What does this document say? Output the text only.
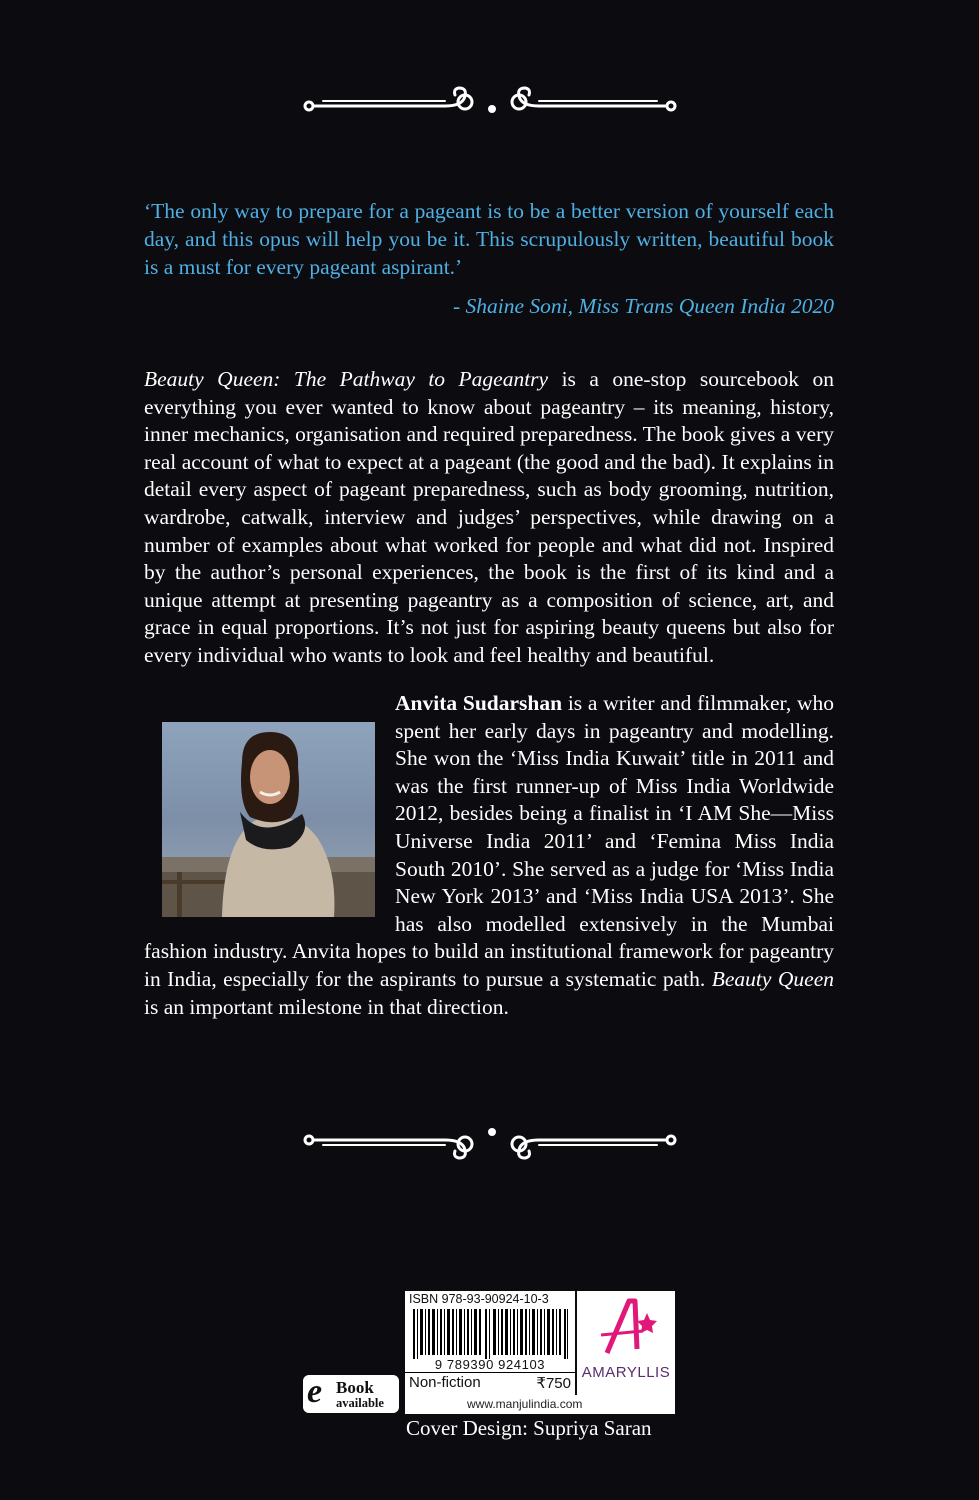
‘The only way to prepare for a pageant is to be a better version of yourself each day, and this opus will help you be it. This scrupulously written, beautiful book is a must for every pageant aspirant.’
- Shaine Soni, Miss Trans Queen India 2020
Beauty Queen: The Pathway to Pageantry is a one-stop sourcebook on everything you ever wanted to know about pageantry – its meaning, history, inner mechanics, organisation and required preparedness. The book gives a very real account of what to expect at a pageant (the good and the bad). It explains in detail every aspect of pageant preparedness, such as body grooming, nutrition, wardrobe, catwalk, interview and judges’ perspectives, while drawing on a number of examples about what worked for people and what did not. Inspired by the author’s personal experiences, the book is the first of its kind and a unique attempt at presenting pageantry as a composition of science, art, and grace in equal proportions. It’s not just for aspiring beauty queens but also for every individual who wants to look and feel healthy and beautiful.
Anvita Sudarshan is a writer and filmmaker, who spent her early days in pageantry and modelling. She won the ‘Miss India Kuwait’ title in 2011 and was the first runner-up of Miss India Worldwide 2012, besides being a finalist in ‘I AM She—Miss Universe India 2011’ and ‘Femina Miss India South 2010’. She served as a judge for ‘Miss India New York 2013’ and ‘Miss India USA 2013’. She has also modelled extensively in the Mumbai fashion industry. Anvita hopes to build an institutional framework for pageantry in India, especially for the aspirants to pursue a systematic path. Beauty Queen is an important milestone in that direction.
ISBN 978-93-90924-10-3
9 789390 924103
Non-fiction	₹750
AMARYLLIS
e Book
available	www.manjulindia.com
Cover Design: Supriya Saran
